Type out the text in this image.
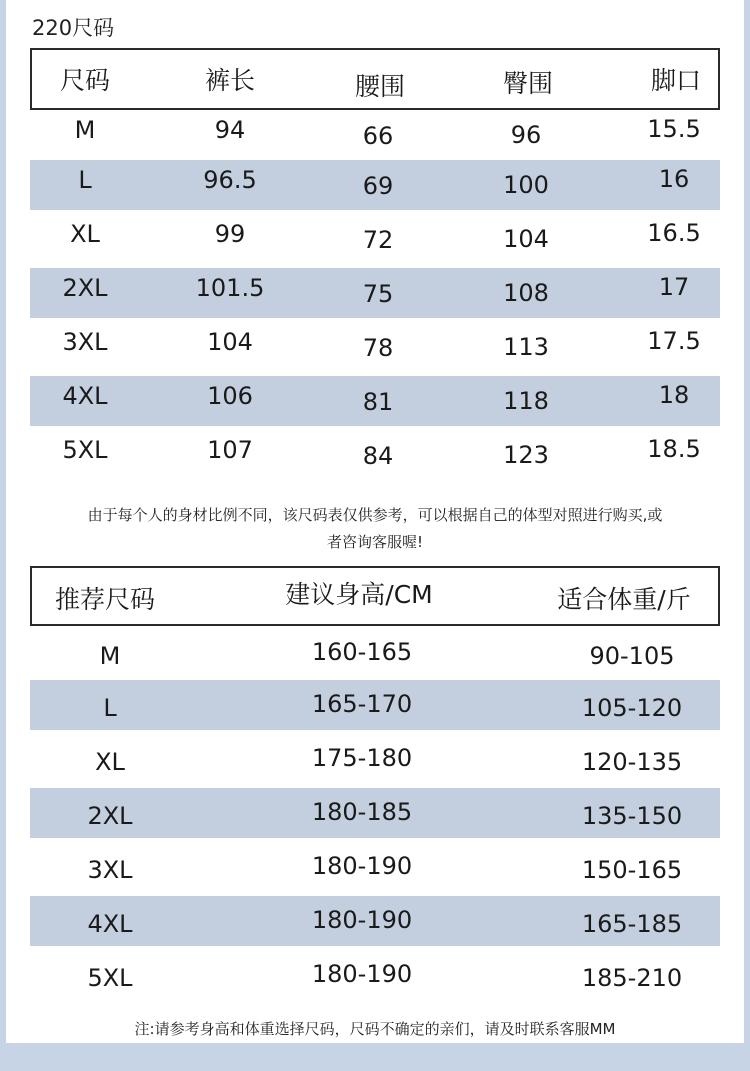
220尺码
尺码	裤长	腰围	臀围	脚口
M	94	66	96	15.5
L	96.5	69	100	16
XL	99	72	104	16.5
2XL	101.5	75	108	17
3XL	104	78	113	17.5
4XL	106	81	118	18
5XL	107	84	123	18.5
由于每个人的身材比例不同，该尺码表仅供参考，可以根据自己的体型对照进行购买,或
者咨询客服喔!
推荐尺码	建议身高/CM	适合体重/斤
M	160-165	90-105
L	165-170	105-120
XL	175-180	120-135
2XL	180-185	135-150
3XL	180-190	150-165
4XL	180-190	165-185
5XL	180-190	185-210
注:请参考身高和体重选择尺码，尺码不确定的亲们，请及时联系客服MM
